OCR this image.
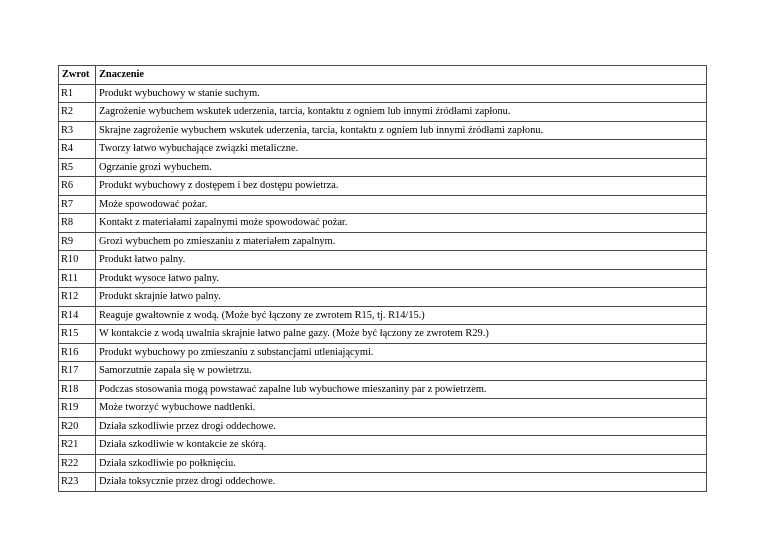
Zwrot	Znaczenie
R1	Produkt wybuchowy w stanie suchym.
R2	Zagrożenie wybuchem wskutek uderzenia, tarcia, kontaktu z ogniem lub innymi źródłami zapłonu.
R3	Skrajne zagrożenie wybuchem wskutek uderzenia, tarcia, kontaktu z ogniem lub innymi źródłami zapłonu.
R4	Tworzy łatwo wybuchające związki metaliczne.
R5	Ogrzanie grozi wybuchem.
R6	Produkt wybuchowy z dostępem i bez dostępu powietrza.
R7	Może spowodować pożar.
R8	Kontakt z materiałami zapalnymi może spowodować pożar.
R9	Grozi wybuchem po zmieszaniu z materiałem zapalnym.
R10	Produkt łatwo palny.
R11	Produkt wysoce łatwo palny.
R12	Produkt skrajnie łatwo palny.
R14	Reaguje gwałtownie z wodą. (Może być łączony ze zwrotem R15, tj. R14/15.)
R15	W kontakcie z wodą uwalnia skrajnie łatwo palne gazy. (Może być łączony ze zwrotem R29.)
R16	Produkt wybuchowy po zmieszaniu z substancjami utleniającymi.
R17	Samorzutnie zapala się w powietrzu.
R18	Podczas stosowania mogą powstawać zapalne lub wybuchowe mieszaniny par z powietrzem.
R19	Może tworzyć wybuchowe nadtlenki.
R20	Działa szkodliwie przez drogi oddechowe.
R21	Działa szkodliwie w kontakcie ze skórą.
R22	Działa szkodliwie po połknięciu.
R23	Działa toksycznie przez drogi oddechowe.
